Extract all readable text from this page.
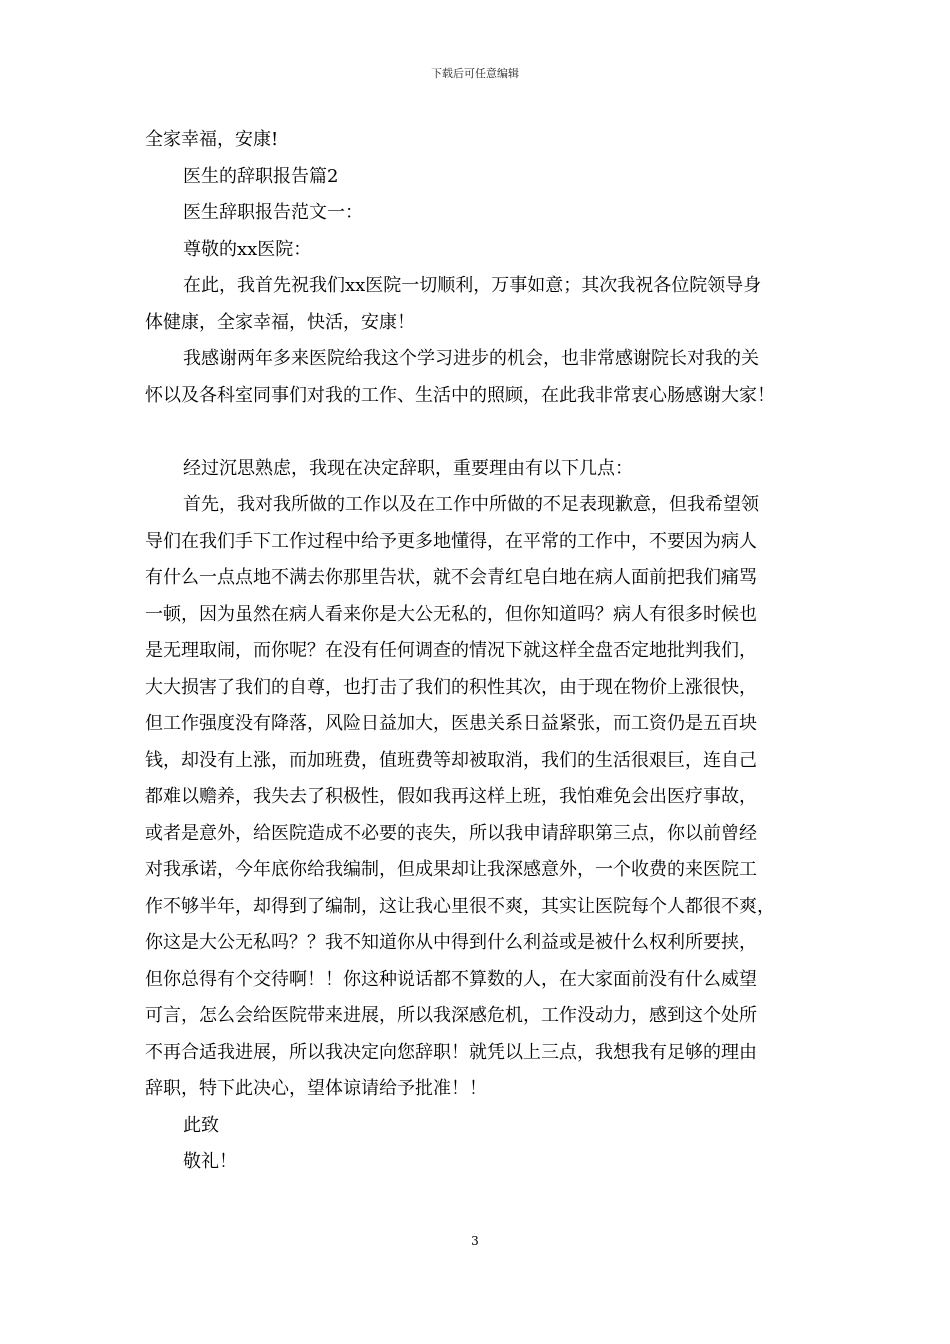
下载后可任意编辑
全家幸福，安康!
医生的辞职报告篇2
医生辞职报告范文一：
尊敬的xx医院：
在此，我首先祝我们xx医院一切顺利，万事如意；其次我祝各位院领导身
体健康，全家幸福，快活，安康！
我感谢两年多来医院给我这个学习进步的机会，也非常感谢院长对我的关
怀以及各科室同事们对我的工作、生活中的照顾，在此我非常衷心肠感谢大家！
经过沉思熟虑，我现在决定辞职，重要理由有以下几点：
首先，我对我所做的工作以及在工作中所做的不足表现歉意，但我希望领
导们在我们手下工作过程中给予更多地懂得，在平常的工作中，不要因为病人
有什么一点点地不满去你那里告状，就不会青红皂白地在病人面前把我们痛骂
一顿，因为虽然在病人看来你是大公无私的，但你知道吗？病人有很多时候也
是无理取闹，而你呢？在没有任何调查的情况下就这样全盘否定地批判我们，
大大损害了我们的自尊，也打击了我们的积性其次，由于现在物价上涨很快，
但工作强度没有降落，风险日益加大，医患关系日益紧张，而工资仍是五百块
钱，却没有上涨，而加班费，值班费等却被取消，我们的生活很艰巨，连自己
都难以赡养，我失去了积极性，假如我再这样上班，我怕难免会出医疗事故，
或者是意外，给医院造成不必要的丧失，所以我申请辞职第三点，你以前曾经
对我承诺，今年底你给我编制，但成果却让我深感意外，一个收费的来医院工
作不够半年，却得到了编制，这让我心里很不爽，其实让医院每个人都很不爽，
你这是大公无私吗？？我不知道你从中得到什么利益或是被什么权利所要挟，
但你总得有个交待啊！！你这种说话都不算数的人，在大家面前没有什么威望
可言，怎么会给医院带来进展，所以我深感危机，工作没动力，感到这个处所
不再合适我进展，所以我决定向您辞职！就凭以上三点，我想我有足够的理由
辞职，特下此决心，望体谅请给予批准！！
此致
敬礼！
3
